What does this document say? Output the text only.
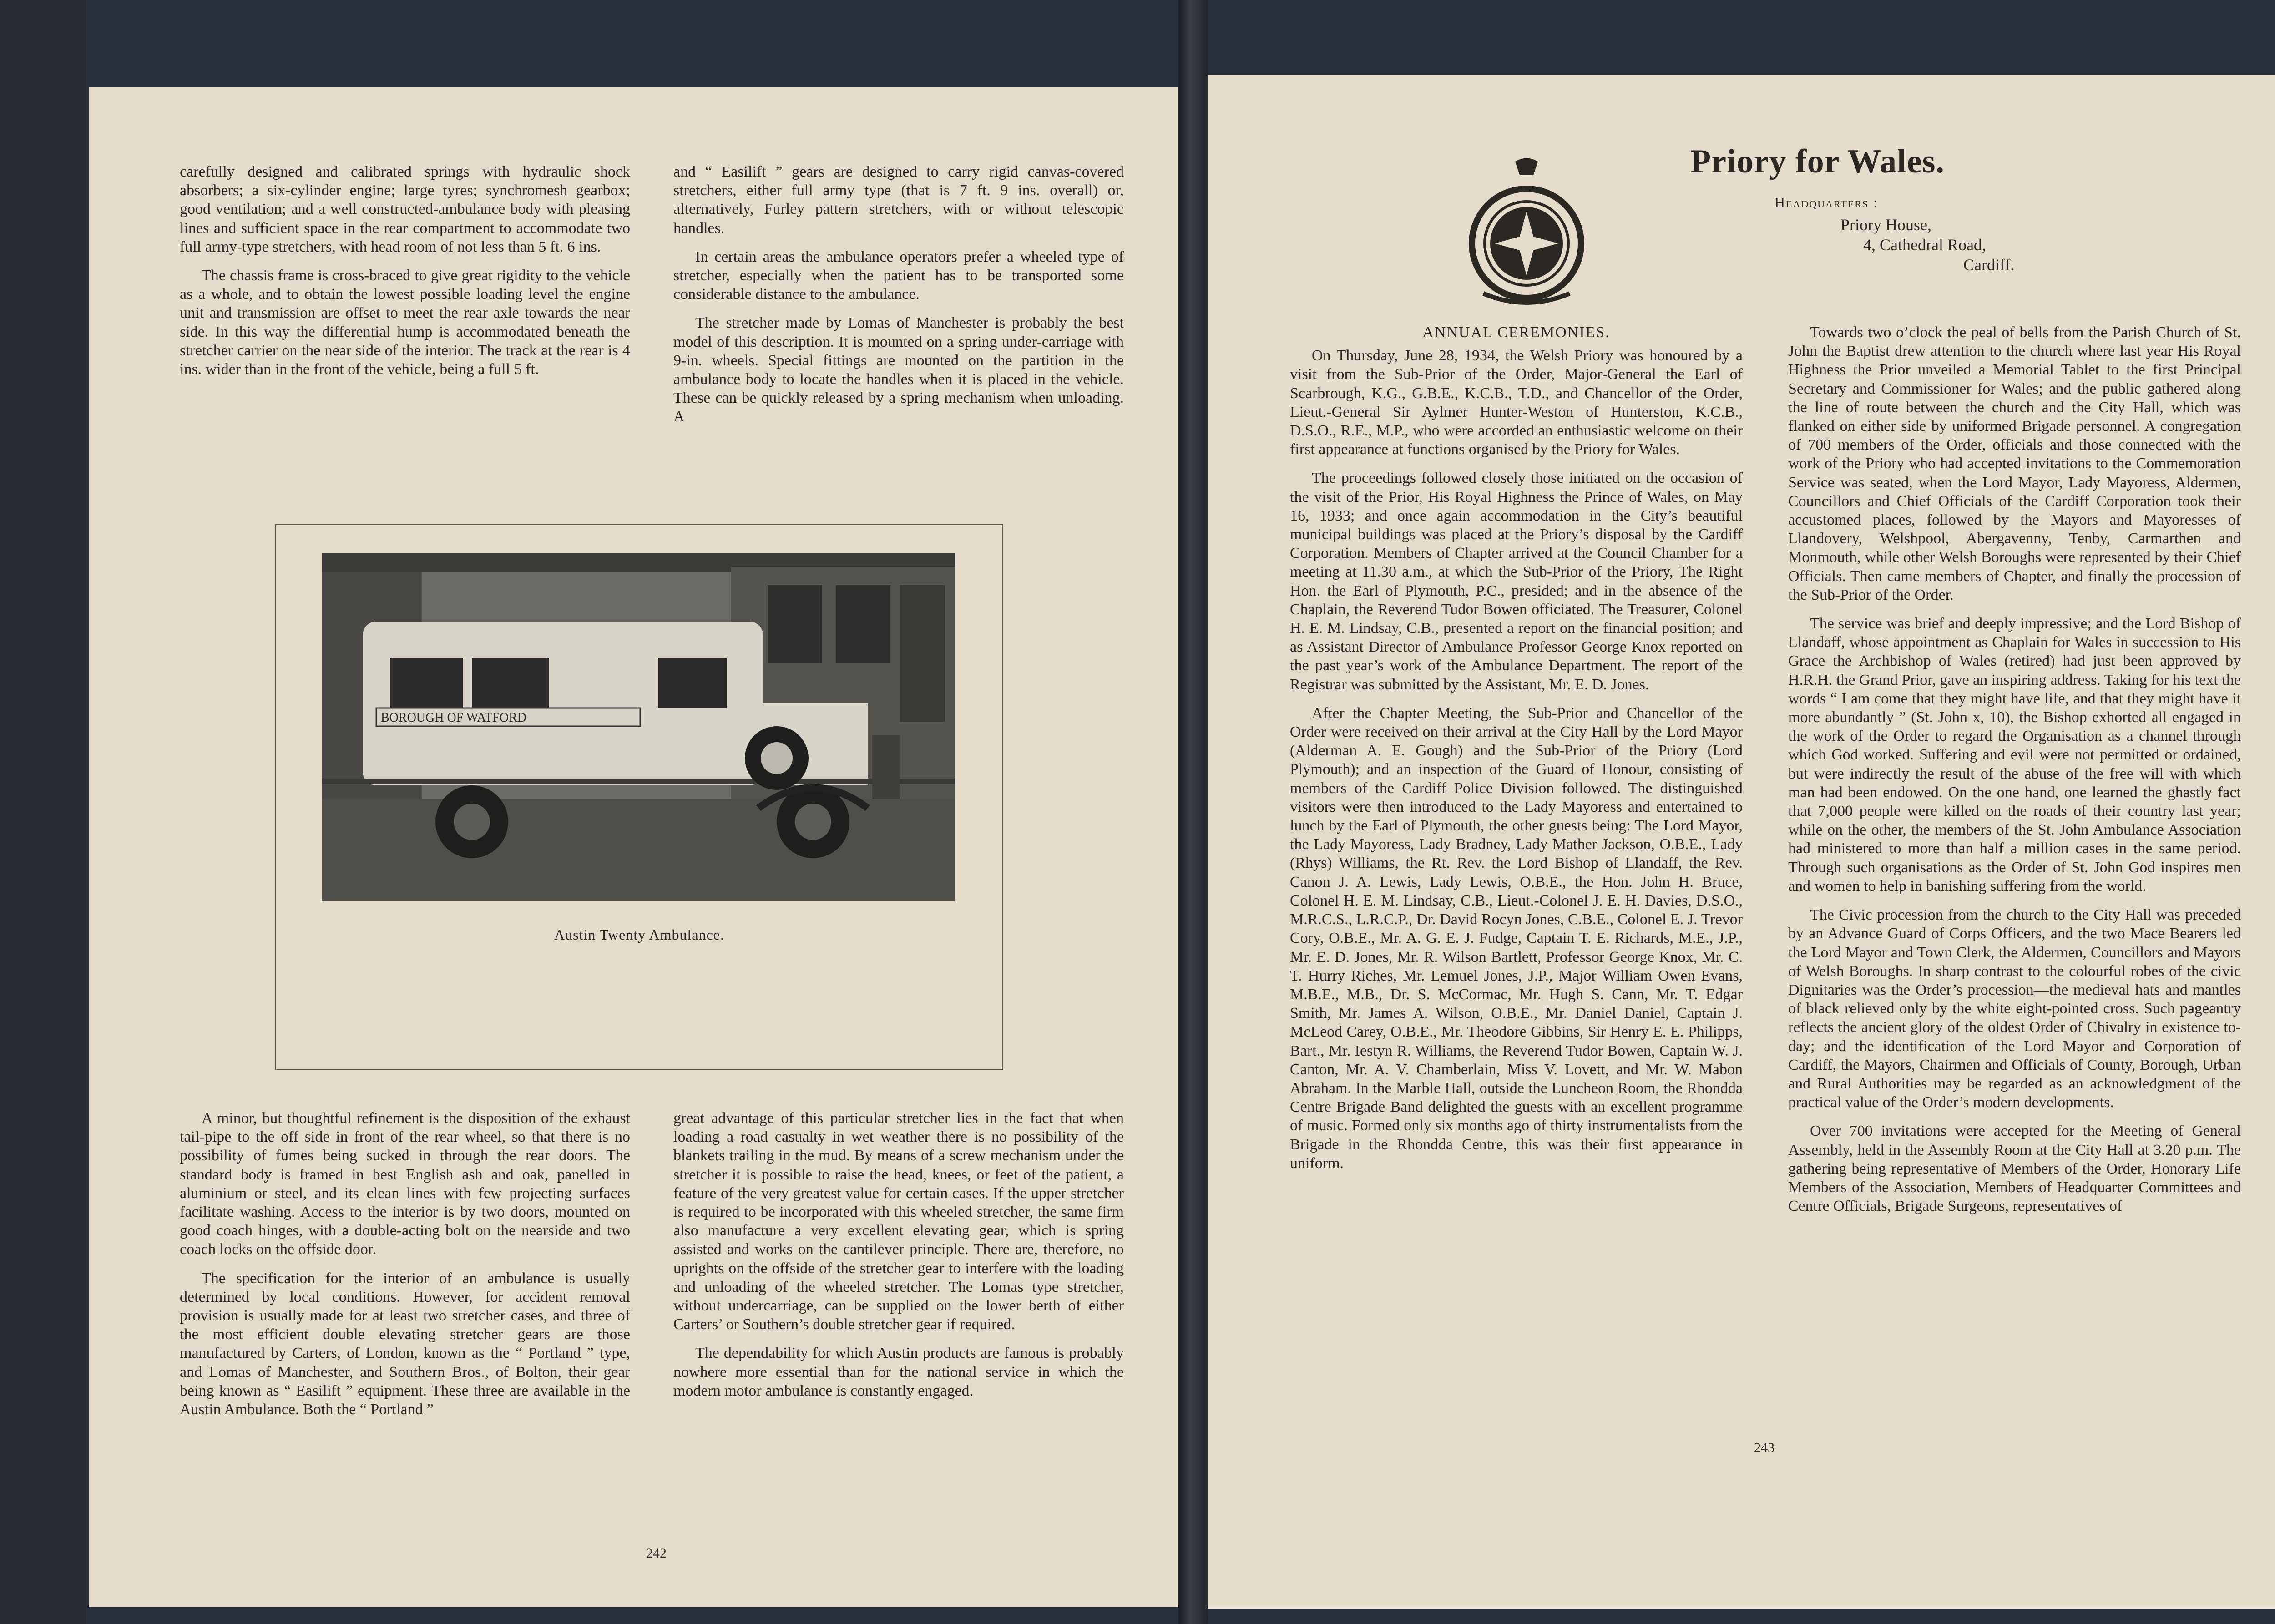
carefully designed and calibrated springs with hydraulic shock absorbers; a six-cylinder engine; large tyres; synchromesh gearbox; good ventilation; and a well constructed-ambulance body with pleasing lines and sufficient space in the rear compartment to accommodate two full army-type stretchers, with head room of not less than 5 ft. 6 ins.

The chassis frame is cross-braced to give great rigidity to the vehicle as a whole, and to obtain the lowest possible loading level the engine unit and transmission are offset to meet the rear axle towards the near side. In this way the differential hump is accommodated beneath the stretcher carrier on the near side of the interior. The track at the rear is 4 ins. wider than in the front of the vehicle, being a full 5 ft.

and “ Easilift ” gears are designed to carry rigid canvas-covered stretchers, either full army type (that is 7 ft. 9 ins. overall) or, alternatively, Furley pattern stretchers, with or without telescopic handles.

In certain areas the ambulance operators prefer a wheeled type of stretcher, especially when the patient has to be transported some considerable distance to the ambulance.

The stretcher made by Lomas of Manchester is probably the best model of this description. It is mounted on a spring under-carriage with 9-in. wheels. Special fittings are mounted on the partition in the ambulance body to locate the handles when it is placed in the vehicle. These can be quickly released by a spring mechanism when unloading. A

BOROUGH OF WATFORD
Austin Twenty Ambulance.

A minor, but thoughtful refinement is the disposition of the exhaust tail-pipe to the off side in front of the rear wheel, so that there is no possibility of fumes being sucked in through the rear doors. The standard body is framed in best English ash and oak, panelled in aluminium or steel, and its clean lines with few projecting surfaces facilitate washing. Access to the interior is by two doors, mounted on good coach hinges, with a double-acting bolt on the nearside and two coach locks on the offside door.

The specification for the interior of an ambulance is usually determined by local conditions. However, for accident removal provision is usually made for at least two stretcher cases, and three of the most efficient double elevating stretcher gears are those manufactured by Carters, of London, known as the “ Portland ” type, and Lomas of Manchester, and Southern Bros., of Bolton, their gear being known as “ Easilift ” equipment. These three are available in the Austin Ambulance. Both the “ Portland ”

great advantage of this particular stretcher lies in the fact that when loading a road casualty in wet weather there is no possibility of the blankets trailing in the mud. By means of a screw mechanism under the stretcher it is possible to raise the head, knees, or feet of the patient, a feature of the very greatest value for certain cases. If the upper stretcher is required to be incorporated with this wheeled stretcher, the same firm also manufacture a very excellent elevating gear, which is spring assisted and works on the cantilever principle. There are, therefore, no uprights on the offside of the stretcher gear to interfere with the loading and unloading of the wheeled stretcher. The Lomas type stretcher, without undercarriage, can be supplied on the lower berth of either Carters’ or Southern’s double stretcher gear if required.

The dependability for which Austin products are famous is probably nowhere more essential than for the national service in which the modern motor ambulance is constantly engaged.

242
Priory for Wales.
Headquarters :
Priory House,
4, Cathedral Road,
Cardiff.
ANNUAL CEREMONIES.

On Thursday, June 28, 1934, the Welsh Priory was honoured by a visit from the Sub-Prior of the Order, Major-General the Earl of Scarbrough, K.G., G.B.E., K.C.B., T.D., and Chancellor of the Order, Lieut.-General Sir Aylmer Hunter-Weston of Hunterston, K.C.B., D.S.O., R.E., M.P., who were accorded an enthusiastic welcome on their first appearance at functions organised by the Priory for Wales.

The proceedings followed closely those initiated on the occasion of the visit of the Prior, His Royal Highness the Prince of Wales, on May 16, 1933; and once again accommodation in the City’s beautiful municipal buildings was placed at the Priory’s disposal by the Cardiff Corporation. Members of Chapter arrived at the Council Chamber for a meeting at 11.30 a.m., at which the Sub-Prior of the Priory, The Right Hon. the Earl of Plymouth, P.C., presided; and in the absence of the Chaplain, the Reverend Tudor Bowen officiated. The Treasurer, Colonel H. E. M. Lindsay, C.B., presented a report on the financial position; and as Assistant Director of Ambulance Professor George Knox reported on the past year’s work of the Ambulance Department. The report of the Registrar was submitted by the Assistant, Mr. E. D. Jones.

After the Chapter Meeting, the Sub-Prior and Chancellor of the Order were received on their arrival at the City Hall by the Lord Mayor (Alderman A. E. Gough) and the Sub-Prior of the Priory (Lord Plymouth); and an inspection of the Guard of Honour, consisting of members of the Cardiff Police Division followed. The distinguished visitors were then introduced to the Lady Mayoress and entertained to lunch by the Earl of Plymouth, the other guests being: The Lord Mayor, the Lady Mayoress, Lady Bradney, Lady Mather Jackson, O.B.E., Lady (Rhys) Williams, the Rt. Rev. the Lord Bishop of Llandaff, the Rev. Canon J. A. Lewis, Lady Lewis, O.B.E., the Hon. John H. Bruce, Colonel H. E. M. Lindsay, C.B., Lieut.-Colonel J. E. H. Davies, D.S.O., M.R.C.S., L.R.C.P., Dr. David Rocyn Jones, C.B.E., Colonel E. J. Trevor Cory, O.B.E., Mr. A. G. E. J. Fudge, Captain T. E. Richards, M.E., J.P., Mr. E. D. Jones, Mr. R. Wilson Bartlett, Professor George Knox, Mr. C. T. Hurry Riches, Mr. Lemuel Jones, J.P., Major William Owen Evans, M.B.E., M.B., Dr. S. McCormac, Mr. Hugh S. Cann, Mr. T. Edgar Smith, Mr. James A. Wilson, O.B.E., Mr. Daniel Daniel, Captain J. McLeod Carey, O.B.E., Mr. Theodore Gibbins, Sir Henry E. E. Philipps, Bart., Mr. Iestyn R. Williams, the Reverend Tudor Bowen, Captain W. J. Canton, Mr. A. V. Chamberlain, Miss V. Lovett, and Mr. W. Mabon Abraham. In the Marble Hall, outside the Luncheon Room, the Rhondda Centre Brigade Band delighted the guests with an excellent programme of music. Formed only six months ago of thirty instrumentalists from the Brigade in the Rhondda Centre, this was their first appearance in uniform.

Towards two o’clock the peal of bells from the Parish Church of St. John the Baptist drew attention to the church where last year His Royal Highness the Prior unveiled a Memorial Tablet to the first Principal Secretary and Commissioner for Wales; and the public gathered along the line of route between the church and the City Hall, which was flanked on either side by uniformed Brigade personnel. A congregation of 700 members of the Order, officials and those connected with the work of the Priory who had accepted invitations to the Commemoration Service was seated, when the Lord Mayor, Lady Mayoress, Aldermen, Councillors and Chief Officials of the Cardiff Corporation took their accustomed places, followed by the Mayors and Mayoresses of Llandovery, Welshpool, Abergavenny, Tenby, Carmarthen and Monmouth, while other Welsh Boroughs were represented by their Chief Officials. Then came members of Chapter, and finally the procession of the Sub-Prior of the Order.

The service was brief and deeply impressive; and the Lord Bishop of Llandaff, whose appointment as Chaplain for Wales in succession to His Grace the Archbishop of Wales (retired) had just been approved by H.R.H. the Grand Prior, gave an inspiring address. Taking for his text the words “ I am come that they might have life, and that they might have it more abundantly ” (St. John x, 10), the Bishop exhorted all engaged in the work of the Order to regard the Organisation as a channel through which God worked. Suffering and evil were not permitted or ordained, but were indirectly the result of the abuse of the free will with which man had been endowed. On the one hand, one learned the ghastly fact that 7,000 people were killed on the roads of their country last year; while on the other, the members of the St. John Ambulance Association had ministered to more than half a million cases in the same period. Through such organisations as the Order of St. John God inspires men and women to help in banishing suffering from the world.

The Civic procession from the church to the City Hall was preceded by an Advance Guard of Corps Officers, and the two Mace Bearers led the Lord Mayor and Town Clerk, the Aldermen, Councillors and Mayors of Welsh Boroughs. In sharp contrast to the colourful robes of the civic Dignitaries was the Order’s procession—the medieval hats and mantles of black relieved only by the white eight-pointed cross. Such pageantry reflects the ancient glory of the oldest Order of Chivalry in existence to-day; and the identification of the Lord Mayor and Corporation of Cardiff, the Mayors, Chairmen and Officials of County, Borough, Urban and Rural Authorities may be regarded as an acknowledgment of the practical value of the Order’s modern developments.

Over 700 invitations were accepted for the Meeting of General Assembly, held in the Assembly Room at the City Hall at 3.20 p.m. The gathering being representative of Members of the Order, Honorary Life Members of the Association, Members of Headquarter Committees and Centre Officials, Brigade Surgeons, representatives of

243
